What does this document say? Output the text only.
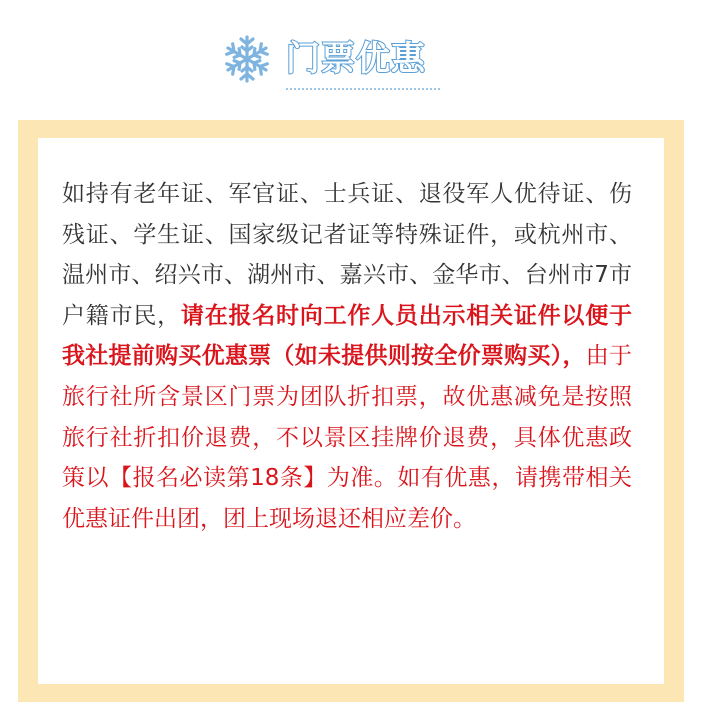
门票优惠
如持有老年证、军官证、士兵证、退役军人优待证、伤残证、学生证、国家级记者证等特殊证件，或杭州市、温州市、绍兴市、湖州市、嘉兴市、金华市、台州市7市户籍市民，请在报名时向工作人员出示相关证件以便于我社提前购买优惠票（如未提供则按全价票购买），由于旅行社所含景区门票为团队折扣票，故优惠减免是按照旅行社折扣价退费，不以景区挂牌价退费，具体优惠政策以【报名必读第18条】为准。如有优惠，请携带相关优惠证件出团，团上现场退还相应差价。
